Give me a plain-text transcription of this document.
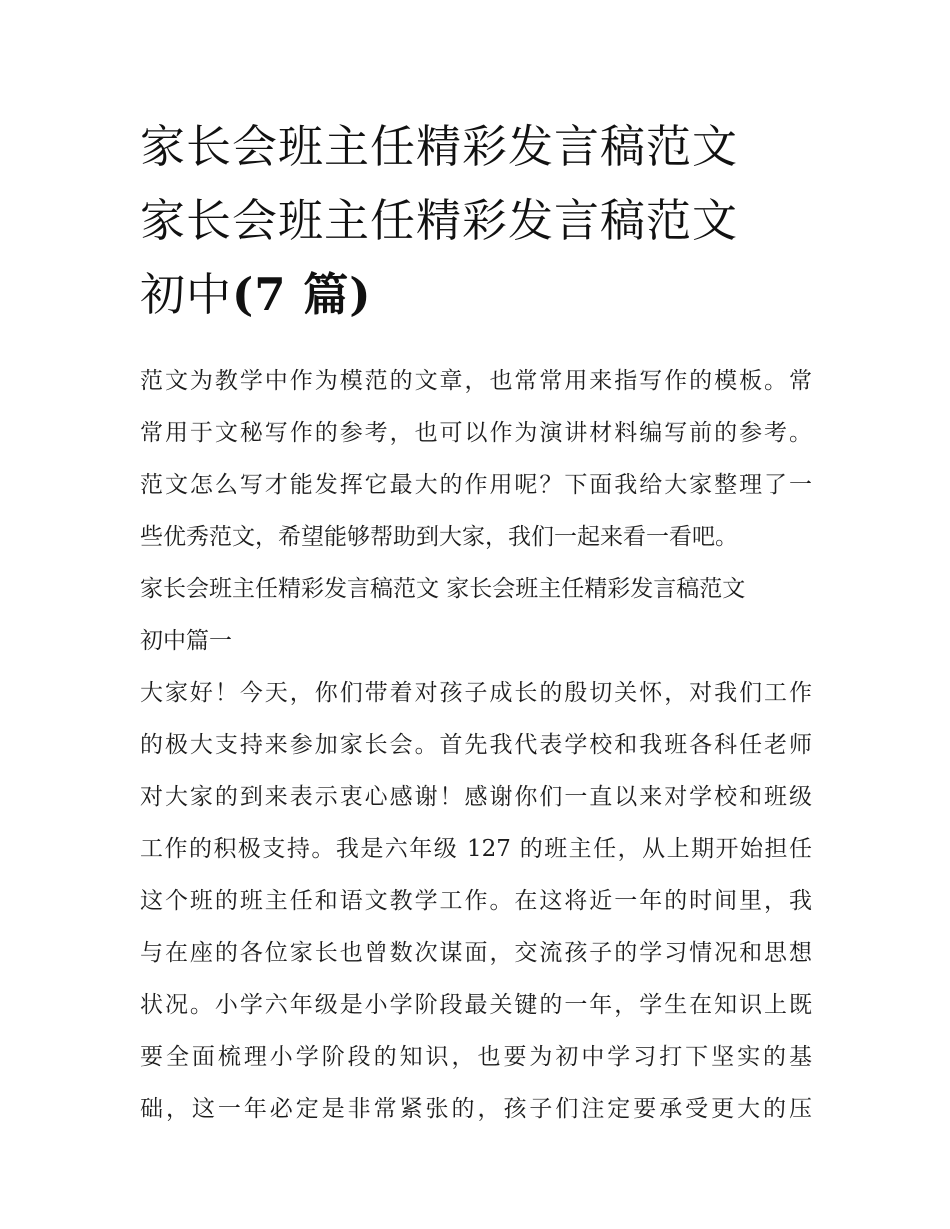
家长会班主任精彩发言稿范文
家长会班主任精彩发言稿范文
初中(7 篇)
范文为教学中作为模范的文章，也常常用来指写作的模板。常
常用于文秘写作的参考，也可以作为演讲材料编写前的参考。
范文怎么写才能发挥它最大的作用呢？下面我给大家整理了一
些优秀范文，希望能够帮助到大家，我们一起来看一看吧。
家长会班主任精彩发言稿范文 家长会班主任精彩发言稿范文
初中篇一
大家好！今天，你们带着对孩子成长的殷切关怀，对我们工作
的极大支持来参加家长会。首先我代表学校和我班各科任老师
对大家的到来表示衷心感谢！感谢你们一直以来对学校和班级
工作的积极支持。我是六年级 127 的班主任，从上期开始担任
这个班的班主任和语文教学工作。在这将近一年的时间里，我
与在座的各位家长也曾数次谋面，交流孩子的学习情况和思想
状况。小学六年级是小学阶段最关键的一年，学生在知识上既
要全面梳理小学阶段的知识，也要为初中学习打下坚实的基
础，这一年必定是非常紧张的，孩子们注定要承受更大的压
